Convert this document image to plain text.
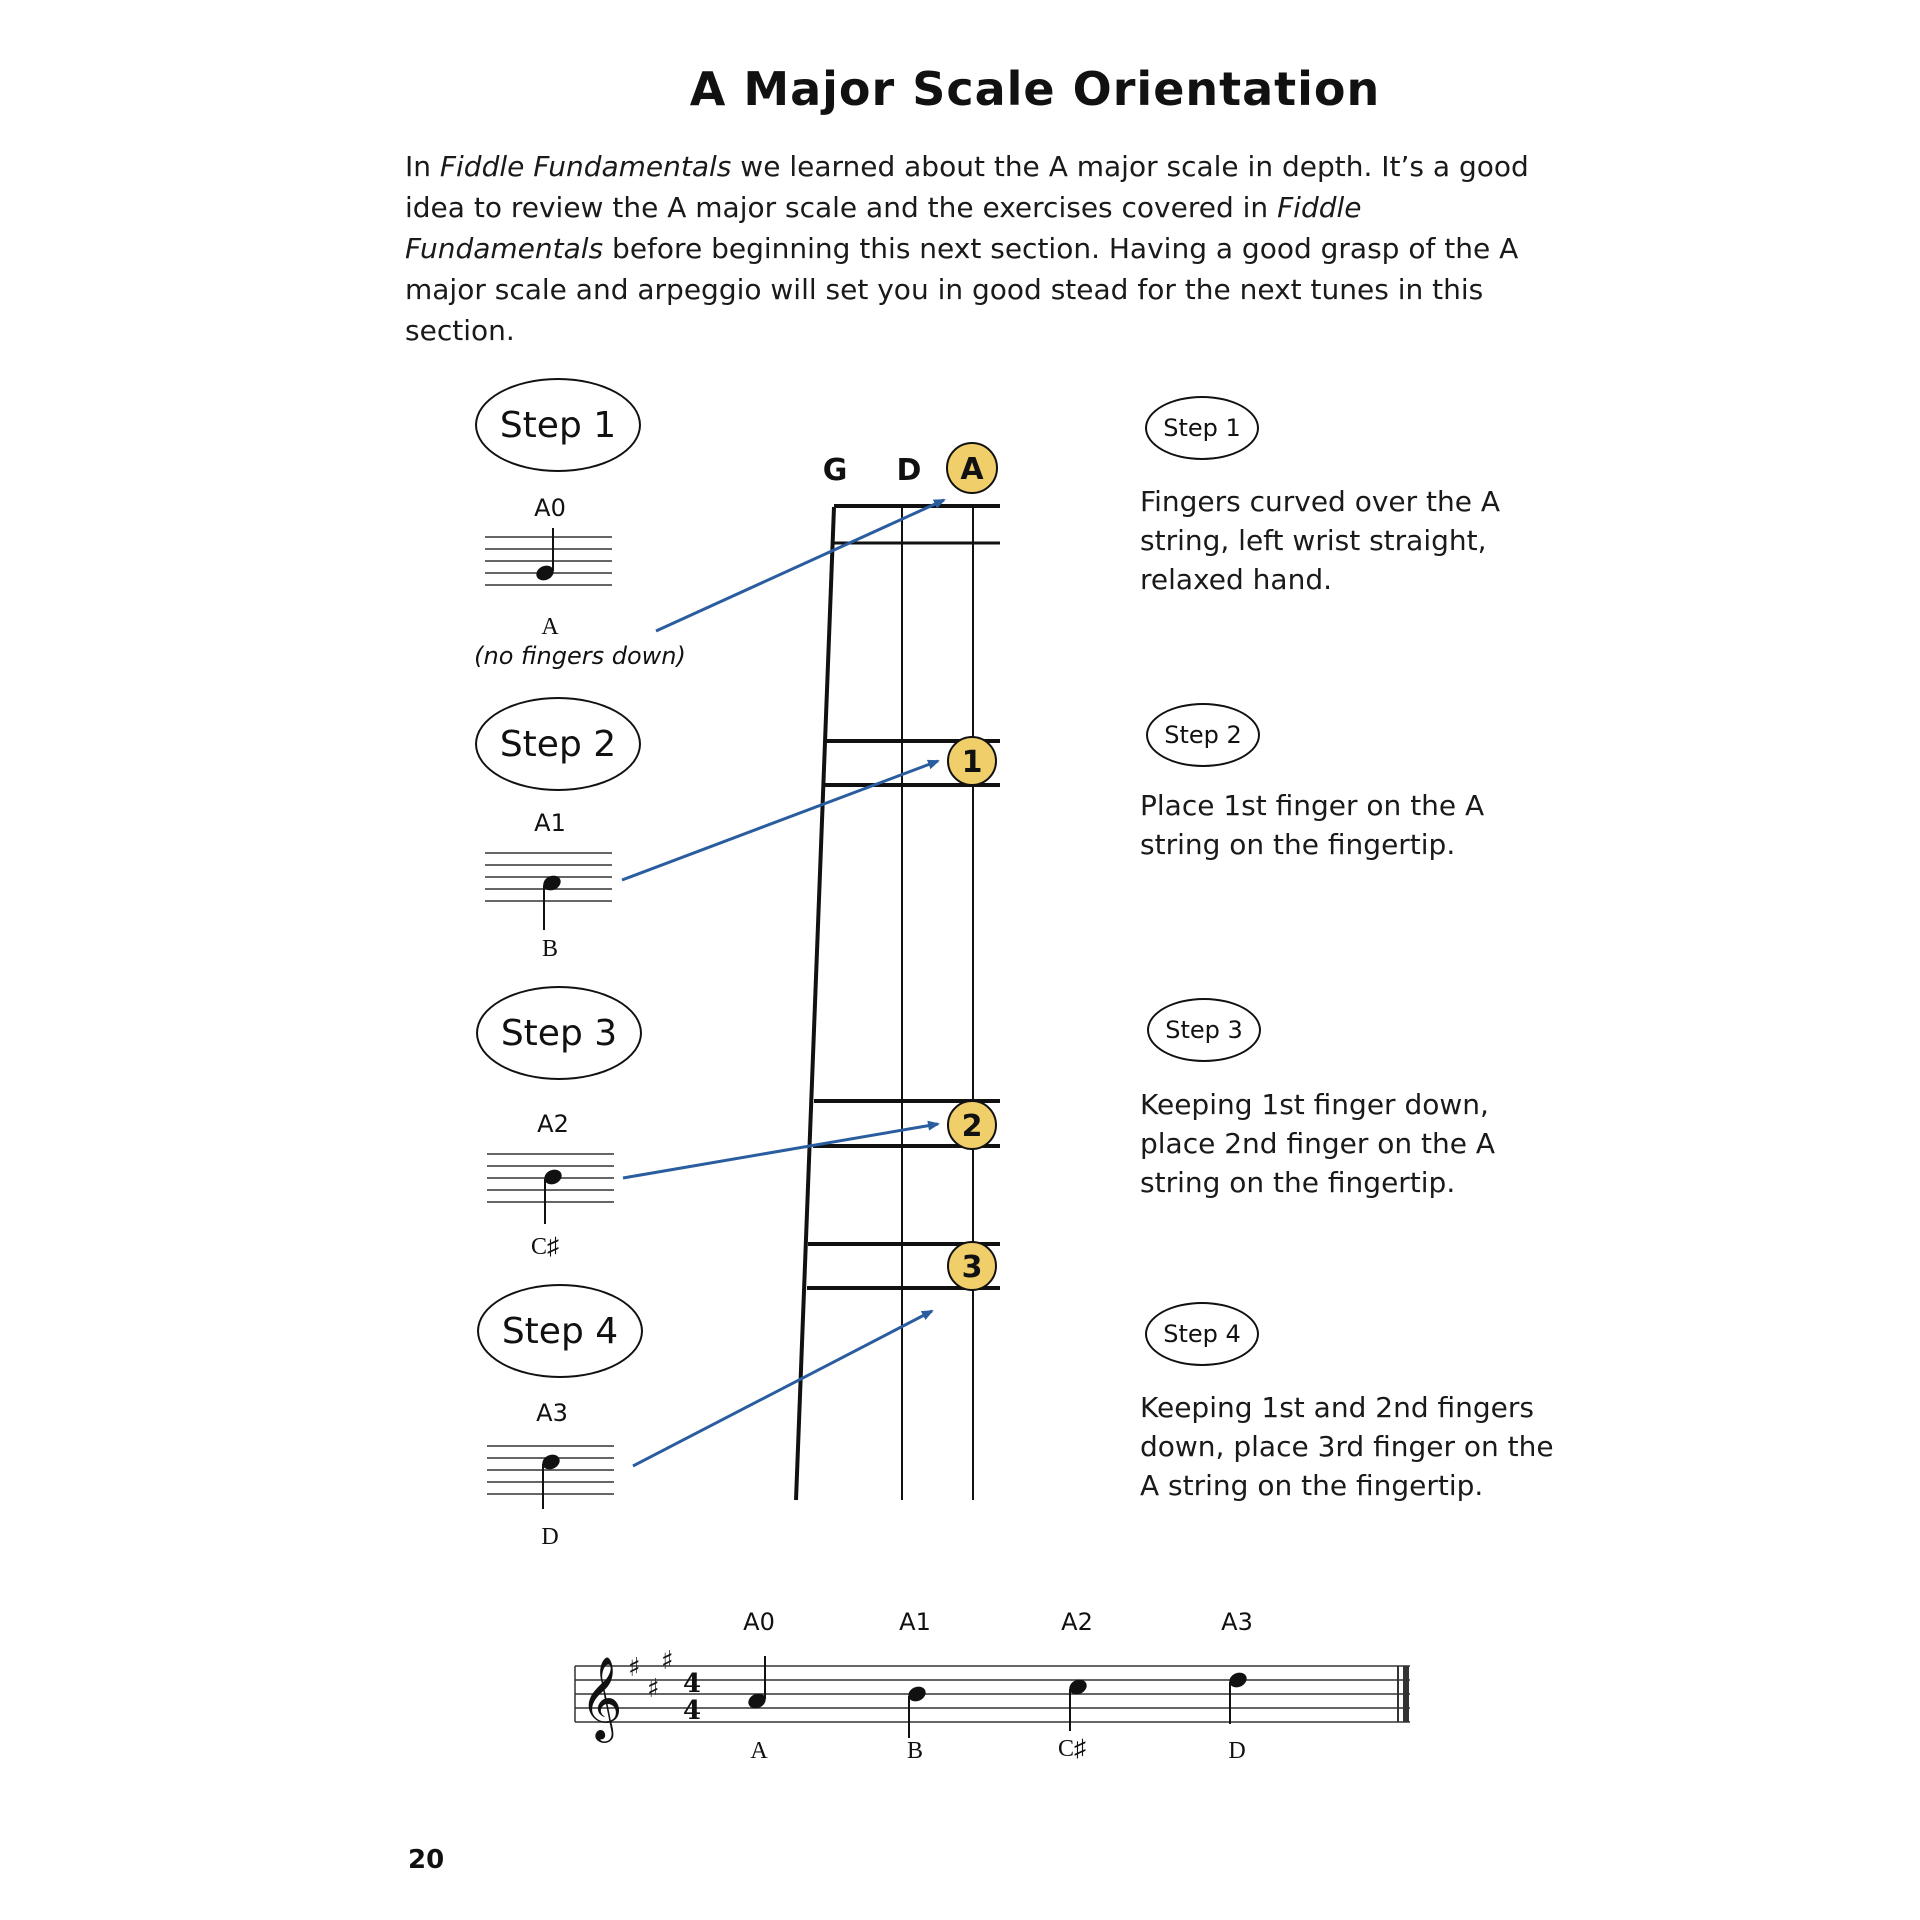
A Major Scale Orientation
In Fiddle Fundamentals we learned about the A major scale in depth. It’s a good idea to review the A major scale and the exercises covered in Fiddle Fundamentals before beginning this next section. Having a good grasp of the A major scale and arpeggio will set you in good stead for the next tunes in this section.
Step 1
Step 2
Step 3
Step 4
A0
A1
A2
A3
A
(no fingers down)
B
C♯
D
Step 1
Step 2
Step 3
Step 4
Fingers curved over the A string, left wrist straight, relaxed hand.
Place 1st finger on the A string on the fingertip.
Keeping 1st finger down, place 2nd finger on the A string on the fingertip.
Keeping 1st and 2nd fingers down, place 3rd finger on the A string on the fingertip.
A0	A1	A2	A3
A	B	C♯	D
20
G D A
1
2
3
𝄞 ♯
♯
♯
4
4
